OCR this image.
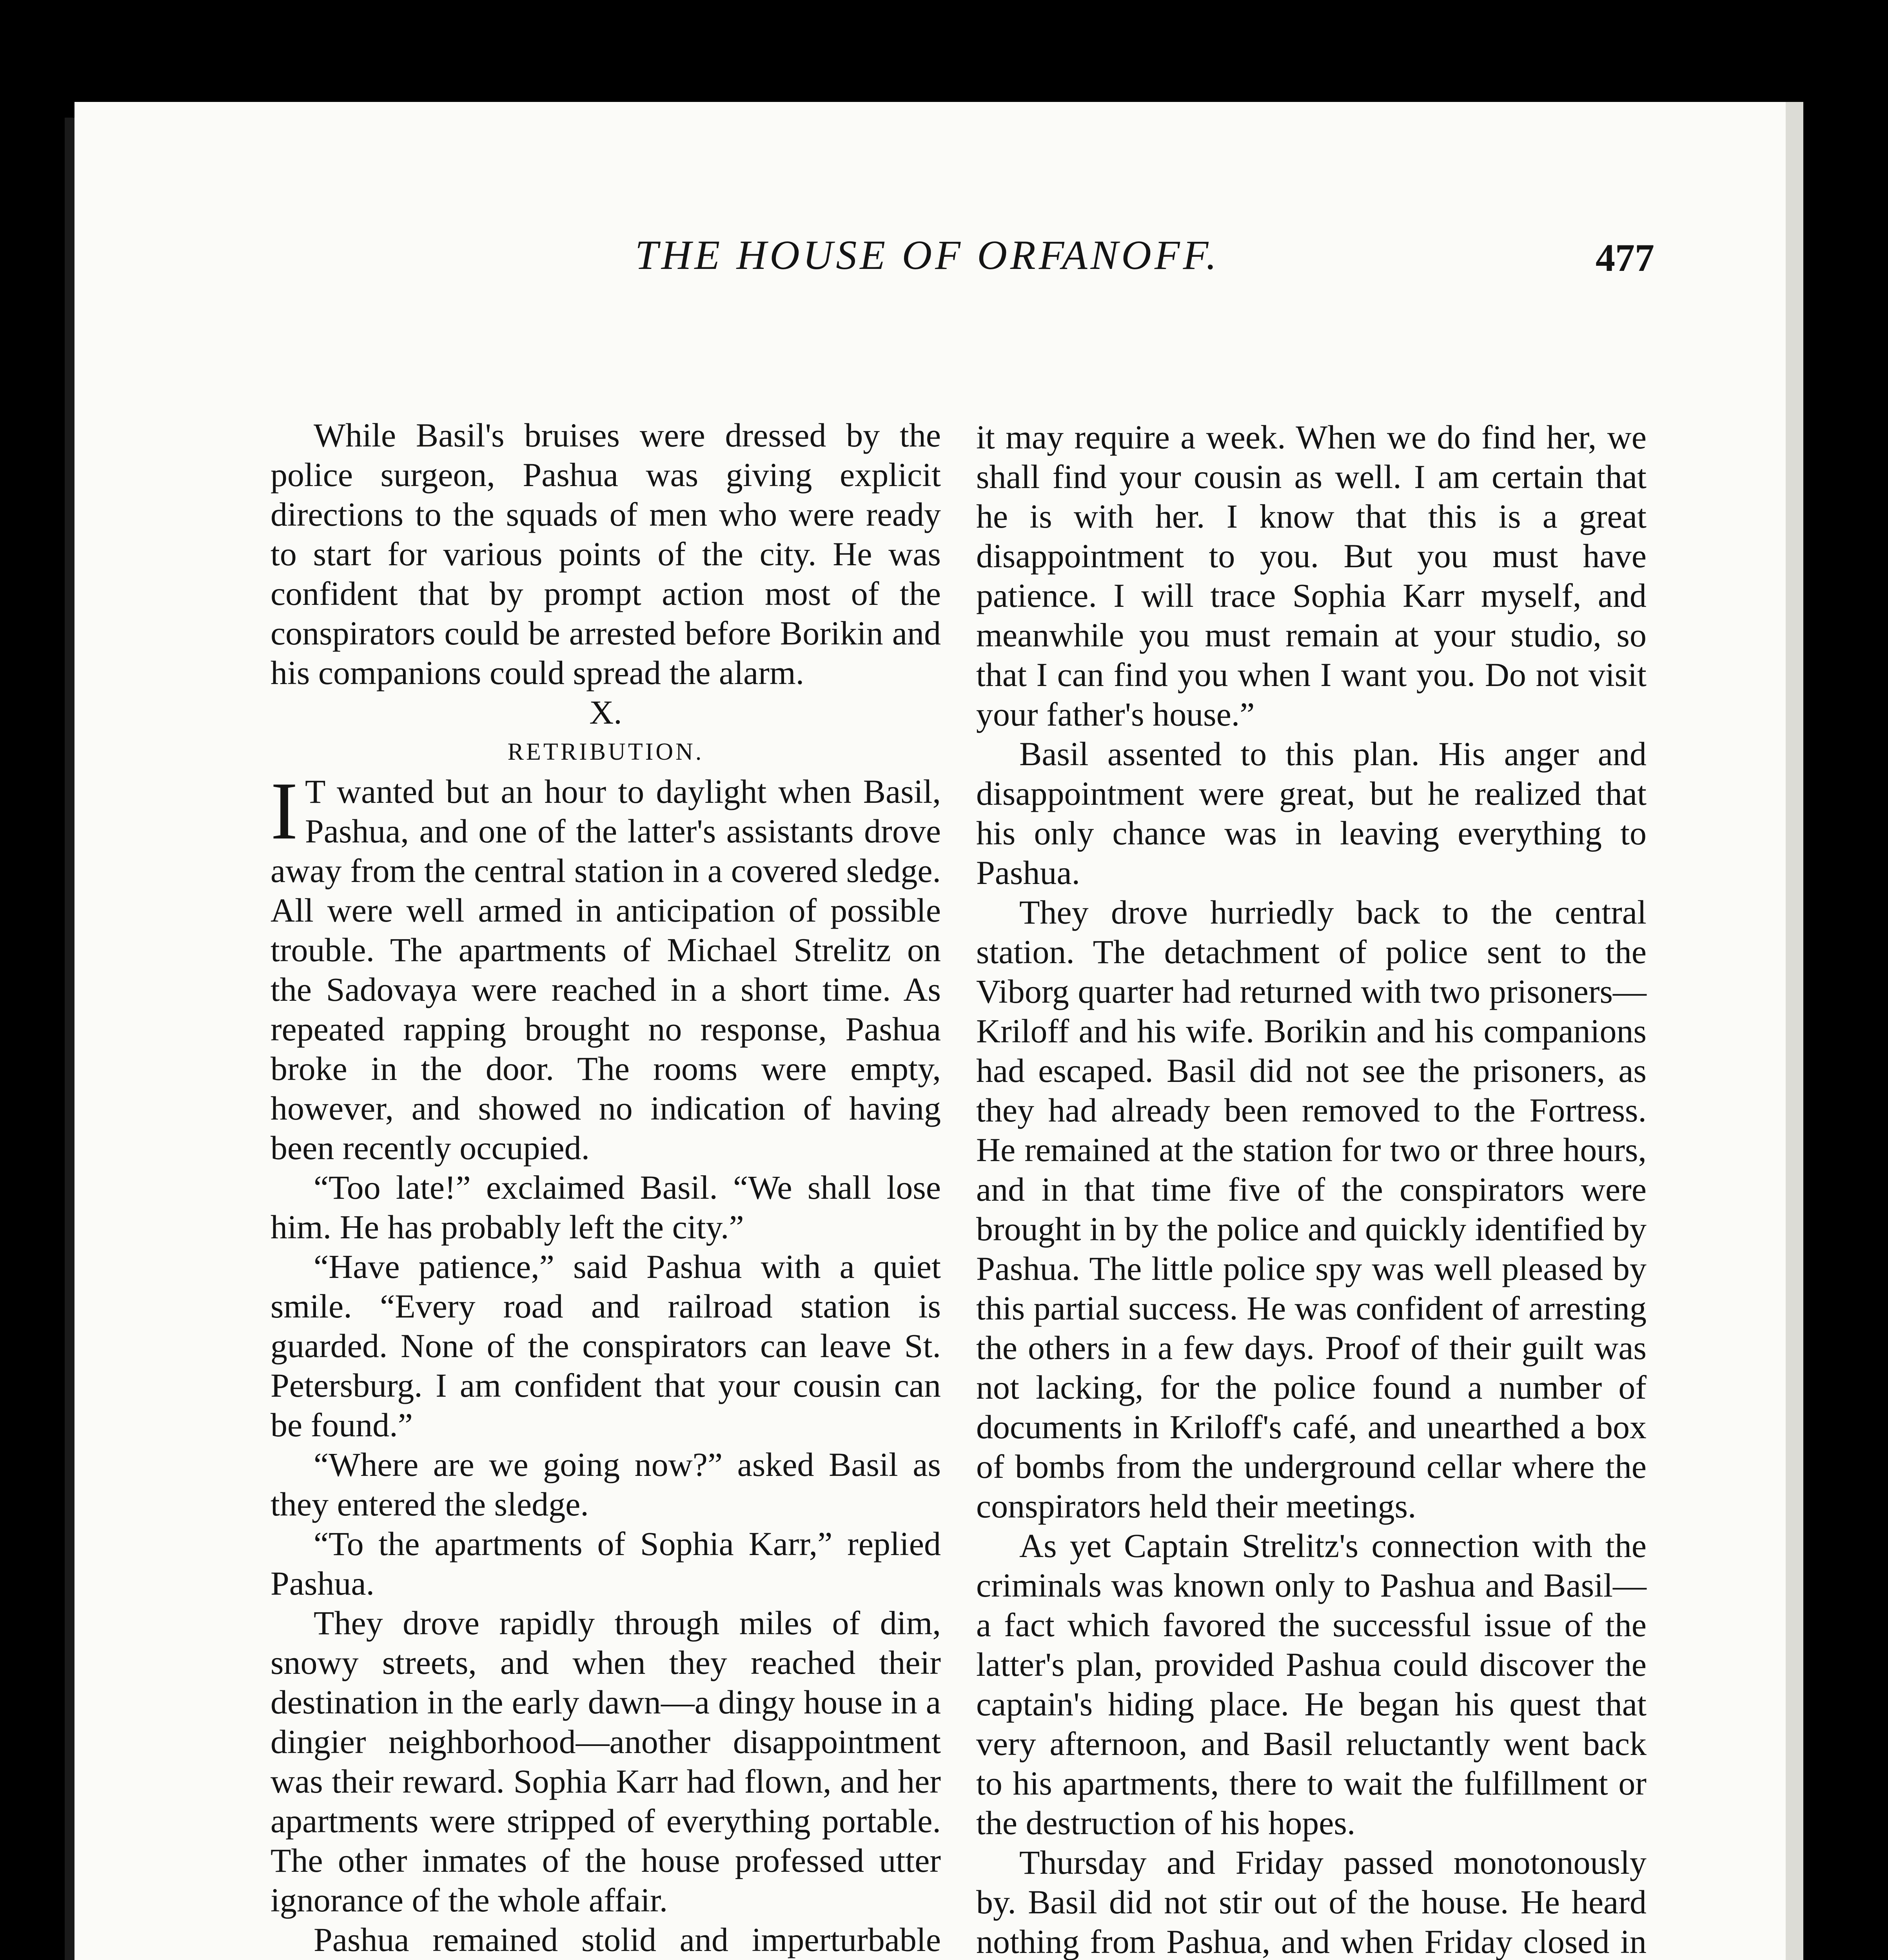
THE HOUSE OF ORFANOFF.	477

While Basil's bruises were dressed by the police surgeon, Pashua was giving explicit directions to the squads of men who were ready to start for various points of the city. He was confident that by prompt action most of the conspirators could be arrested before Borikin and his companions could spread the alarm.

X.

RETRIBUTION.

I T wanted but an hour to daylight when Basil, Pashua, and one of the latter's assistants drove away from the central station in a covered sledge. All were well armed in anticipation of possible trouble. The apartments of Michael Strelitz on the Sadovaya were reached in a short time. As repeated rapping brought no response, Pashua broke in the door. The rooms were empty, however, and showed no indication of having been recently occupied.

“Too late!” exclaimed Basil. “We shall lose him. He has probably left the city.”

“Have patience,” said Pashua with a quiet smile. “Every road and railroad station is guarded. None of the conspirators can leave St. Petersburg. I am confident that your cousin can be found.”

“Where are we going now?” asked Basil as they entered the sledge.

“To the apartments of Sophia Karr,” replied Pashua.

They drove rapidly through miles of dim, snowy streets, and when they reached their destination in the early dawn—a dingy house in a dingier neighborhood—another disappointment was their reward. Sophia Karr had flown, and her apartments were stripped of everything portable. The other inmates of the house professed utter ignorance of the whole affair.

Pashua remained stolid and imperturbable

it may require a week. When we do find her, we shall find your cousin as well. I am certain that he is with her. I know that this is a great disappointment to you. But you must have patience. I will trace Sophia Karr myself, and meanwhile you must remain at your studio, so that I can find you when I want you. Do not visit your father's house.”

Basil assented to this plan. His anger and disappointment were great, but he realized that his only chance was in leaving everything to Pashua.

They drove hurriedly back to the central station. The detachment of police sent to the Viborg quarter had returned with two prisoners—Kriloff and his wife. Borikin and his companions had escaped. Basil did not see the prisoners, as they had already been removed to the Fortress. He remained at the station for two or three hours, and in that time five of the conspirators were brought in by the police and quickly identified by Pashua. The little police spy was well pleased by this partial success. He was confident of arresting the others in a few days. Proof of their guilt was not lacking, for the police found a number of documents in Kriloff's café, and unearthed a box of bombs from the underground cellar where the conspirators held their meetings.

As yet Captain Strelitz's connection with the criminals was known only to Pashua and Basil—a fact which favored the successful issue of the latter's plan, provided Pashua could discover the captain's hiding place. He began his quest that very afternoon, and Basil reluctantly went back to his apartments, there to wait the fulfillment or the destruction of his hopes.

Thursday and Friday passed monotonously by. Basil did not stir out of the house. He heard nothing from Pashua, and when Friday closed in
